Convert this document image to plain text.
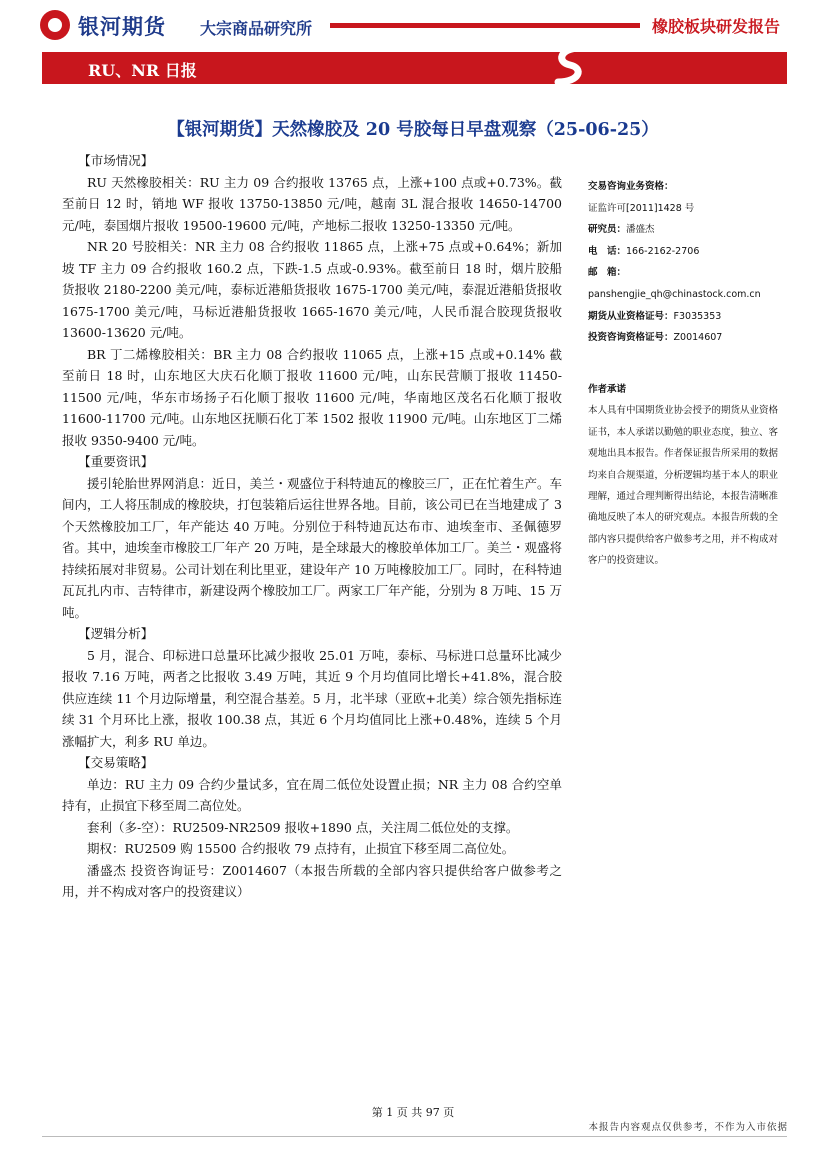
银河期货 大宗商品研究所	橡胶板块研发报告
RU、NR 日报
【银河期货】天然橡胶及 20 号胶每日早盘观察（25-06-25）

【市场情况】

RU 天然橡胶相关：RU 主力 09 合约报收 13765 点，上涨+100 点或+0.73%。截至前日 12 时，销地 WF 报收 13750-13850 元/吨，越南 3L 混合报收 14650-14700 元/吨，泰国烟片报收 19500-19600 元/吨，产地标二报收 13250-13350 元/吨。

NR 20 号胶相关：NR 主力 08 合约报收 11865 点，上涨+75 点或+0.64%；新加坡 TF 主力 09 合约报收 160.2 点，下跌-1.5 点或-0.93%。截至前日 18 时，烟片胶船货报收 2180-2200 美元/吨，泰标近港船货报收 1675-1700 美元/吨，泰混近港船货报收 1675-1700 美元/吨，马标近港船货报收 1665-1670 美元/吨，人民币混合胶现货报收 13600-13620 元/吨。

BR 丁二烯橡胶相关：BR 主力 08 合约报收 11065 点，上涨+15 点或+0.14% 截至前日 18 时，山东地区大庆石化顺丁报收 11600 元/吨，山东民营顺丁报收 11450-11500 元/吨，华东市场扬子石化顺丁报收 11600 元/吨，华南地区茂名石化顺丁报收 11600-11700 元/吨。山东地区抚顺石化丁苯 1502 报收 11900 元/吨。山东地区丁二烯报收 9350-9400 元/吨。

【重要资讯】

援引轮胎世界网消息：近日，美兰・观盛位于科特迪瓦的橡胶三厂，正在忙着生产。车间内，工人将压制成的橡胶块，打包装箱后运往世界各地。目前，该公司已在当地建成了 3 个天然橡胶加工厂，年产能达 40 万吨。分别位于科特迪瓦达布市、迪埃奎市、圣佩德罗省。其中，迪埃奎市橡胶工厂年产 20 万吨，是全球最大的橡胶单体加工厂。美兰・观盛将持续拓展对非贸易。公司计划在利比里亚，建设年产 10 万吨橡胶加工厂。同时，在科特迪瓦瓦扎内市、吉特律市，新建设两个橡胶加工厂。两家工厂年产能，分别为 8 万吨、15 万吨。

【逻辑分析】

5 月，混合、印标进口总量环比减少报收 25.01 万吨，泰标、马标进口总量环比减少报收 7.16 万吨，两者之比报收 3.49 万吨，其近 9 个月均值同比增长+41.8%，混合胶供应连续 11 个月边际增量，利空混合基差。5 月，北半球（亚欧+北美）综合领先指标连续 31 个月环比上涨，报收 100.38 点，其近 6 个月均值同比上涨+0.48%，连续 5 个月涨幅扩大，利多 RU 单边。

【交易策略】

单边：RU 主力 09 合约少量试多，宜在周二低位处设置止损；NR 主力 08 合约空单持有，止损宜下移至周二高位处。

套利（多-空）：RU2509-NR2509 报收+1890 点，关注周二低位处的支撑。

期权：RU2509 购 15500 合约报收 79 点持有，止损宜下移至周二高位处。

潘盛杰 投资咨询证号：Z0014607（本报告所载的全部内容只提供给客户做参考之用，并不构成对客户的投资建议）

交易咨询业务资格：
证监许可[2011]1428 号
研究员：潘盛杰
电　话：166-2162-2706
邮　箱：
panshengjie_qh@chinastock.com.cn
期货从业资格证号：F3035353
投资咨询资格证号：Z0014607
作者承诺
本人具有中国期货业协会授予的期货从业资格证书，本人承诺以勤勉的职业态度，独立、客观地出具本报告。作者保证报告所采用的数据均来自合规渠道，分析逻辑均基于本人的职业理解，通过合理判断得出结论，本报告清晰准确地反映了本人的研究观点。本报告所载的全部内容只提供给客户做参考之用，并不构成对客户的投资建议。
第 1 页 共 97 页
本报告内容观点仅供参考，不作为入市依据
